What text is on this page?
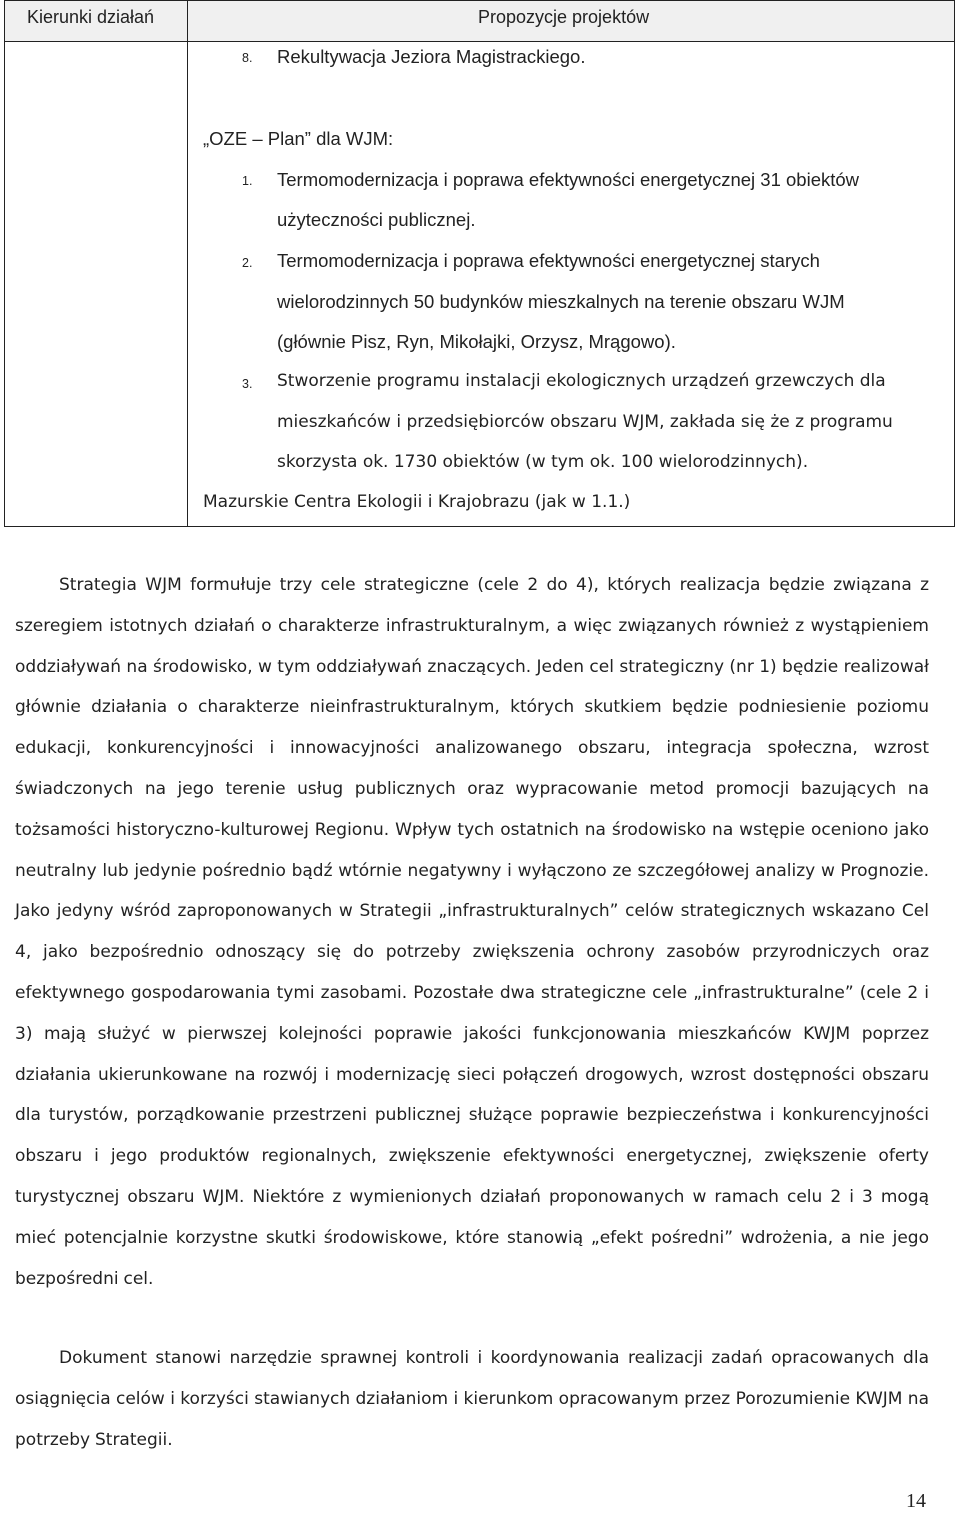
Kierunki działań	Propozycje projektów
8. Rekultywacja Jeziora Magistrackiego.
„OZE – Plan” dla WJM:
1. Termomodernizacja i poprawa efektywności energetycznej 31 obiektów
użyteczności publicznej.
2. Termomodernizacja i poprawa efektywności energetycznej starych
wielorodzinnych 50 budynków mieszkalnych na terenie obszaru WJM
(głównie Pisz, Ryn, Mikołajki, Orzysz, Mrągowo).
3. Stworzenie programu instalacji ekologicznych urządzeń grzewczych dla
mieszkańców i przedsiębiorców obszaru WJM, zakłada się że z programu
skorzysta ok. 1730 obiektów (w tym ok. 100 wielorodzinnych).
Mazurskie Centra Ekologii i Krajobrazu (jak w 1.1.)

Strategia WJM formułuje trzy cele strategiczne (cele 2 do 4), których realizacja będzie związana z szeregiem istotnych działań o charakterze infrastrukturalnym, a więc związanych również z wystąpieniem oddziaływań na środowisko, w tym oddziaływań znaczących. Jeden cel strategiczny (nr 1) będzie realizował głównie działania o charakterze nieinfrastrukturalnym, których skutkiem będzie podniesienie poziomu edukacji, konkurencyjności i innowacyjności analizowanego obszaru, integracja społeczna, wzrost świadczonych na jego terenie usług publicznych oraz wypracowanie metod promocji bazujących na tożsamości historyczno-kulturowej Regionu. Wpływ tych ostatnich na środowisko na wstępie oceniono jako neutralny lub jedynie pośrednio bądź wtórnie negatywny i wyłączono ze szczegółowej analizy w Prognozie. Jako jedyny wśród zaproponowanych w Strategii „infrastrukturalnych” celów strategicznych wskazano Cel 4, jako bezpośrednio odnoszący się do potrzeby zwiększenia ochrony zasobów przyrodniczych oraz efektywnego gospodarowania tymi zasobami. Pozostałe dwa strategiczne cele „infrastrukturalne” (cele 2 i 3) mają służyć w pierwszej kolejności poprawie jakości funkcjonowania mieszkańców KWJM poprzez działania ukierunkowane na rozwój i modernizację sieci połączeń drogowych, wzrost dostępności obszaru dla turystów, porządkowanie przestrzeni publicznej służące poprawie bezpieczeństwa i konkurencyjności obszaru i jego produktów regionalnych, zwiększenie efektywności energetycznej, zwiększenie oferty turystycznej obszaru WJM. Niektóre z wymienionych działań proponowanych w ramach celu 2 i 3 mogą mieć potencjalnie korzystne skutki środowiskowe, które stanowią „efekt pośredni” wdrożenia, a nie jego bezpośredni cel.

Dokument stanowi narzędzie sprawnej kontroli i koordynowania realizacji zadań opracowanych dla osiągnięcia celów i korzyści stawianych działaniom i kierunkom opracowanym przez Porozumienie KWJM na potrzeby Strategii.

14
